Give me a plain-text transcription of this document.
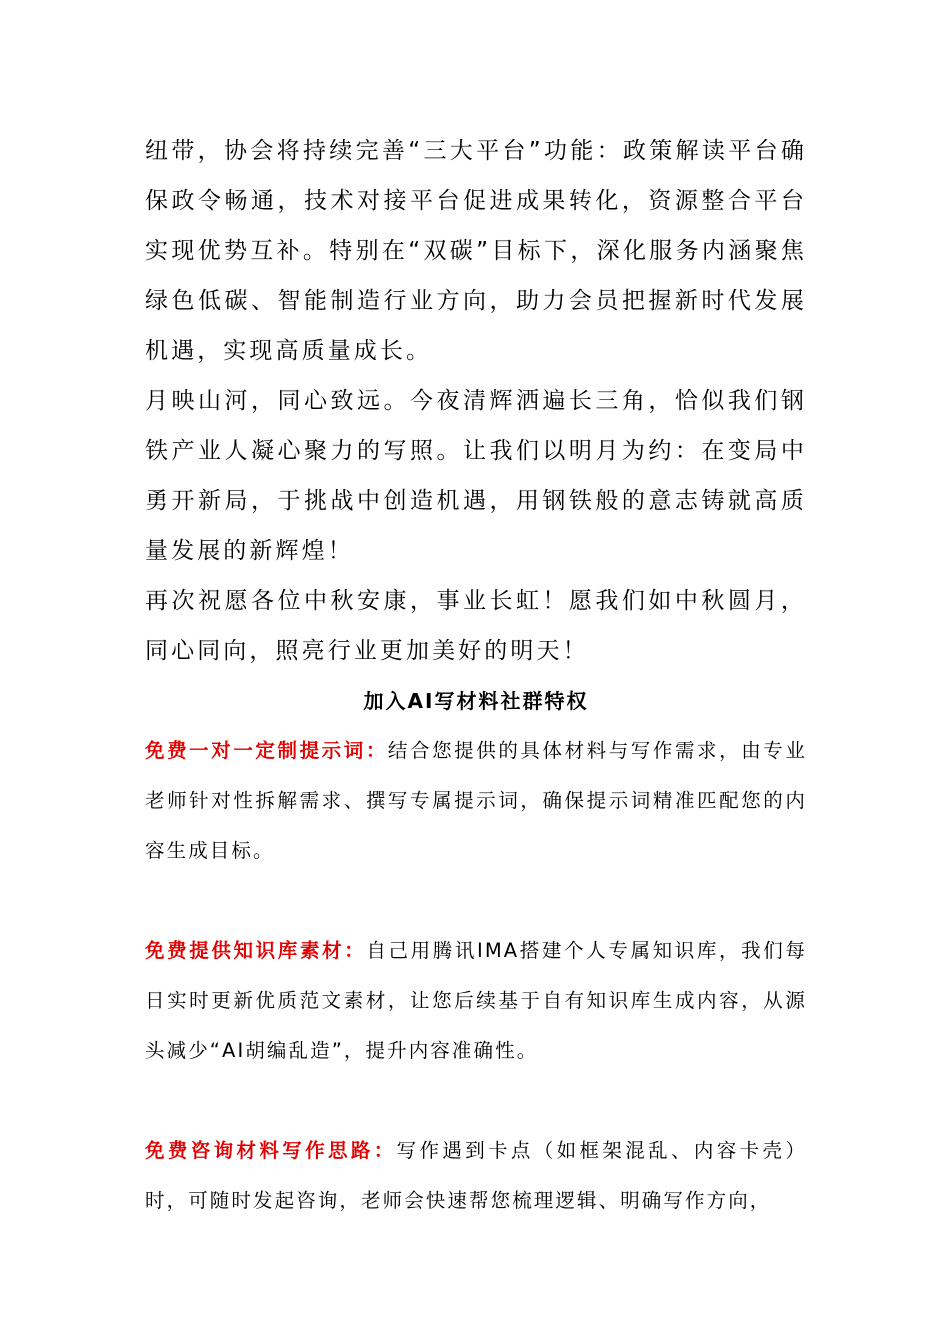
纽带，协会将持续完善“三大平台”功能：政策解读平台确保政令畅通，技术对接平台促进成果转化，资源整合平台实现优势互补。特别在“双碳”目标下，深化服务内涵聚焦绿色低碳、智能制造行业方向，助力会员把握新时代发展机遇，实现高质量成长。

月映山河，同心致远。今夜清辉洒遍长三角，恰似我们钢铁产业人凝心聚力的写照。让我们以明月为约：在变局中勇开新局，于挑战中创造机遇，用钢铁般的意志铸就高质量发展的新辉煌！

再次祝愿各位中秋安康，事业长虹！愿我们如中秋圆月，同心同向，照亮行业更加美好的明天！

加入AI写材料社群特权

免费一对一定制提示词：结合您提供的具体材料与写作需求，由专业老师针对性拆解需求、撰写专属提示词，确保提示词精准匹配您的内容生成目标。

免费提供知识库素材：自己用腾讯IMA搭建个人专属知识库，我们每日实时更新优质范文素材，让您后续基于自有知识库生成内容，从源头减少“AI胡编乱造”，提升内容准确性。

免费咨询材料写作思路：写作遇到卡点（如框架混乱、内容卡壳）时，可随时发起咨询，老师会快速帮您梳理逻辑、明确写作方向，
